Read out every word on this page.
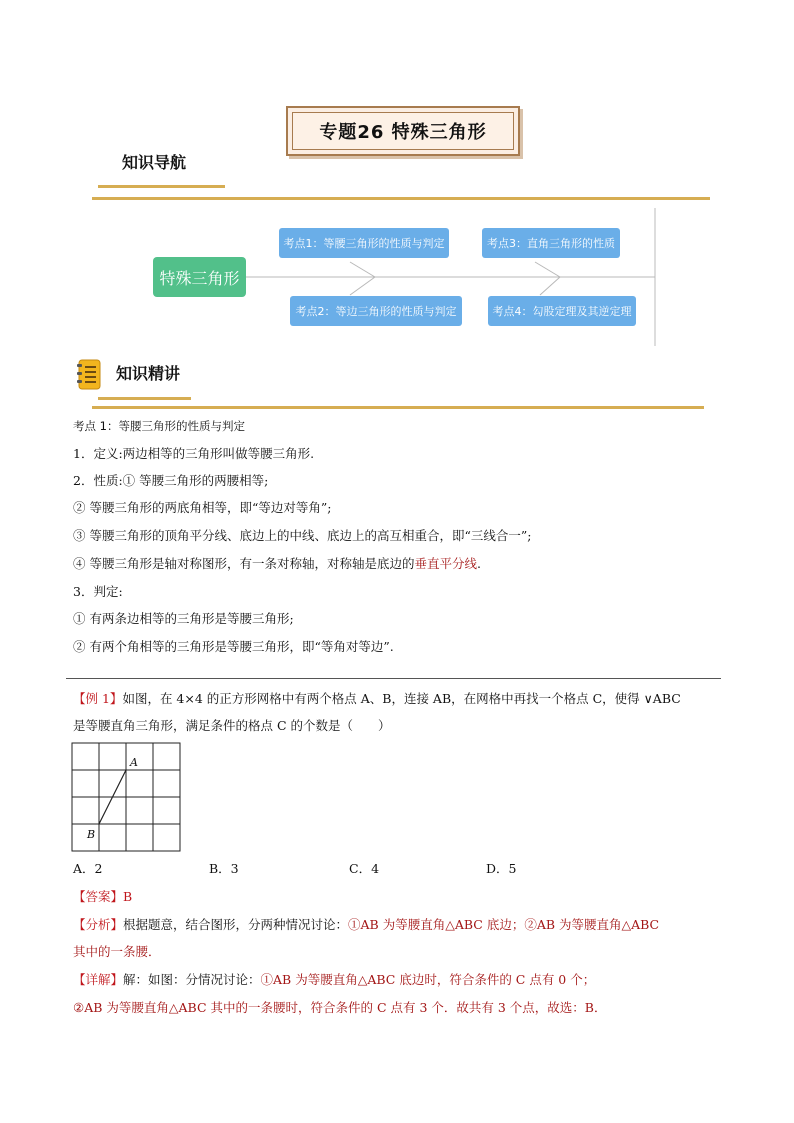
专题26 特殊三角形
知识导航
特殊三角形
考点1：等腰三角形的性质与判定
考点2：等边三角形的性质与判定
考点3：直角三角形的性质
考点4：勾股定理及其逆定理
知识精讲
考点 1：等腰三角形的性质与判定
1．定义:两边相等的三角形叫做等腰三角形.
2．性质:① 等腰三角形的两腰相等;
② 等腰三角形的两底角相等，即“等边对等角”;
③ 等腰三角形的顶角平分线、底边上的中线、底边上的高互相重合，即“三线合一”;
④ 等腰三角形是轴对称图形，有一条对称轴，对称轴是底边的垂直平分线.
3．判定:
① 有两条边相等的三角形是等腰三角形;
② 有两个角相等的三角形是等腰三角形，即“等角对等边”.
【例 1】如图，在 4×4 的正方形网格中有两个格点 A、B，连接 AB，在网格中再找一个格点 C，使得 ∨ABC
是等腰直角三角形，满足条件的格点 C 的个数是（　　）
A
B
A．2	B．3	C．4	D．5
【答案】B
【分析】根据题意，结合图形，分两种情况讨论：①AB 为等腰直角△ABC 底边；②AB 为等腰直角△ABC
其中的一条腰．
【详解】解：如图：分情况讨论：①AB 为等腰直角△ABC 底边时，符合条件的 C 点有 0 个；
②AB 为等腰直角△ABC 其中的一条腰时，符合条件的 C 点有 3 个．故共有 3 个点，故选：B．
